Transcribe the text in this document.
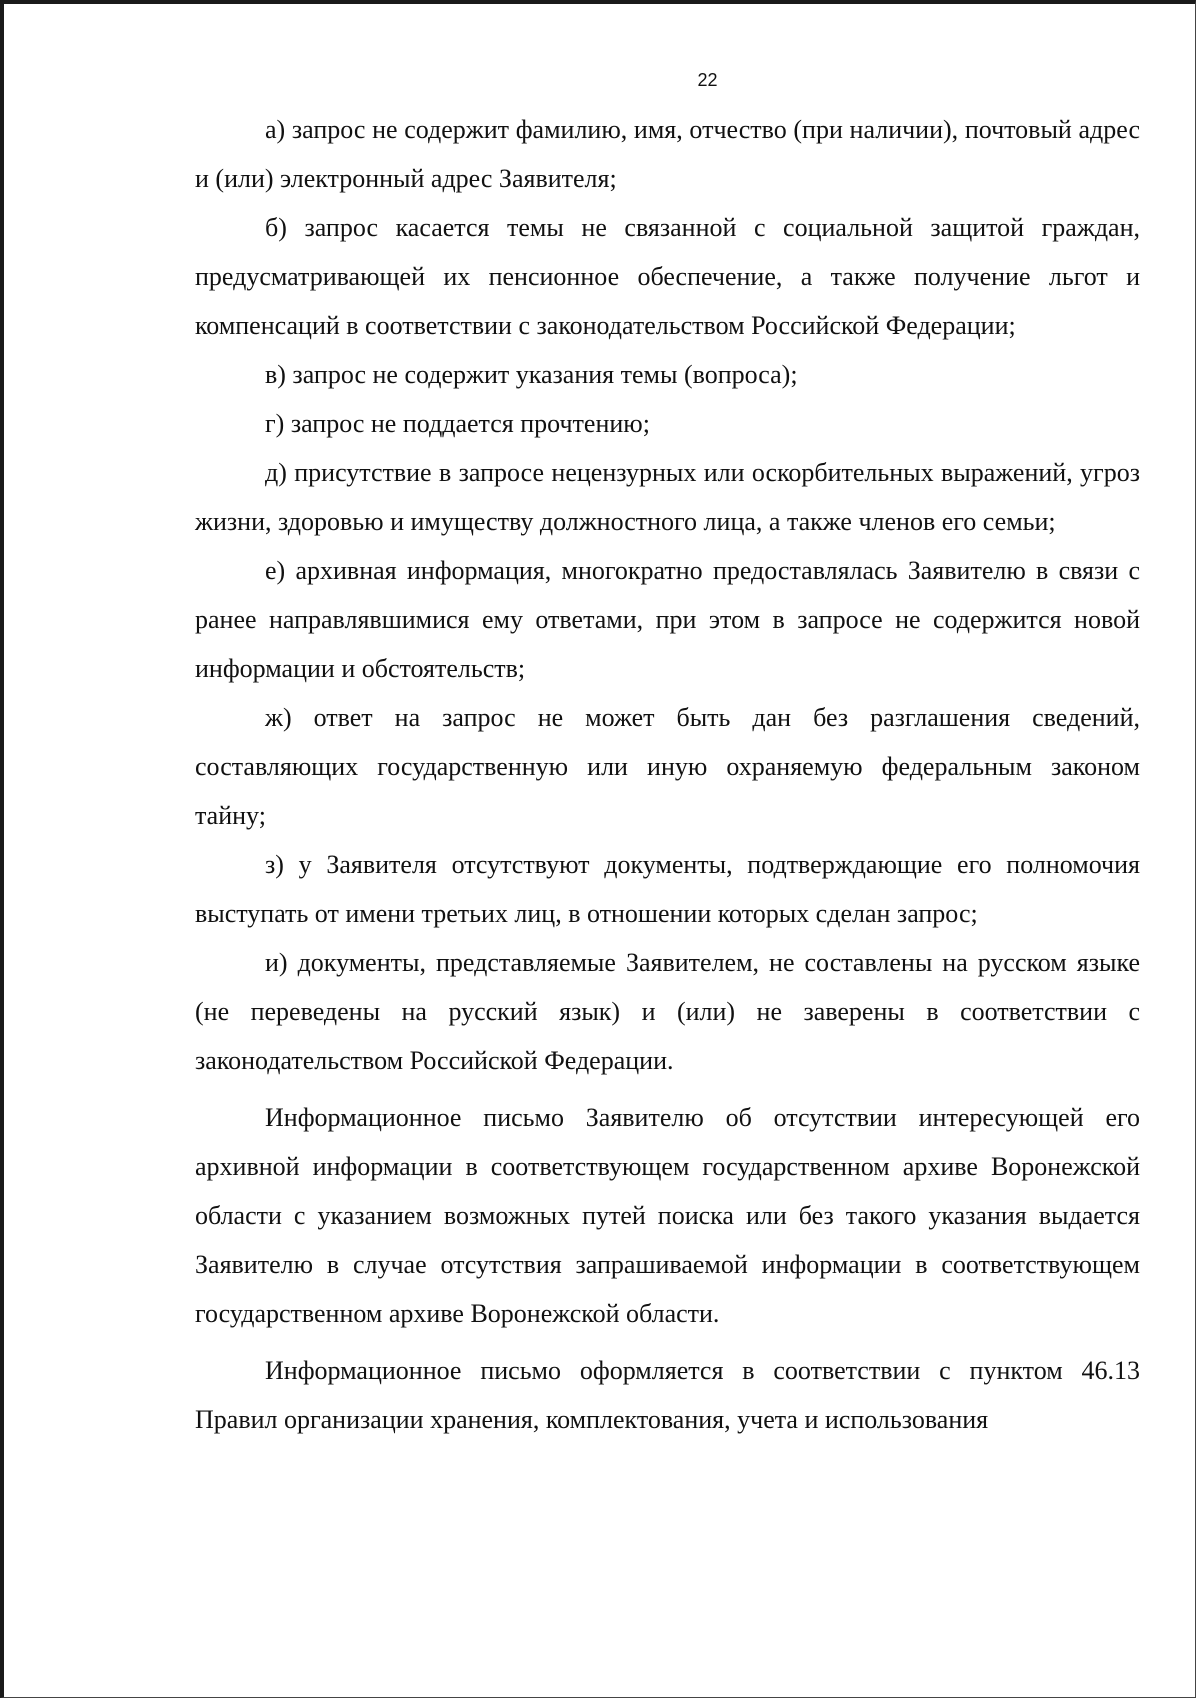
22

а) запрос не содержит фамилию, имя, отчество (при наличии), почтовый адрес и (или) электронный адрес Заявителя;

б) запрос касается темы не связанной с социальной защитой граждан, предусматривающей их пенсионное обеспечение, а также получение льгот и компенсаций в соответствии с законодательством Российской Федерации;

в) запрос не содержит указания темы (вопроса);

г) запрос не поддается прочтению;

д) присутствие в запросе нецензурных или оскорбительных выражений, угроз жизни, здоровью и имуществу должностного лица, а также членов его семьи;

е) архивная информация, многократно предоставлялась Заявителю в связи с ранее направлявшимися ему ответами, при этом в запросе не содержится новой информации и обстоятельств;

ж) ответ на запрос не может быть дан без разглашения сведений, составляющих государственную или иную охраняемую федеральным законом тайну;

з) у Заявителя отсутствуют документы, подтверждающие его полномочия выступать от имени третьих лиц, в отношении которых сделан запрос;

и) документы, представляемые Заявителем, не составлены на русском языке (не переведены на русский язык) и (или) не заверены в соответствии с законодательством Российской Федерации.

Информационное письмо Заявителю об отсутствии интересующей его архивной информации в соответствующем государственном архиве Воронежской области с указанием возможных путей поиска или без такого указания выдается Заявителю в случае отсутствия запрашиваемой информации в соответствующем государственном архиве Воронежской области.

Информационное письмо оформляется в соответствии с пунктом 46.13 Правил организации хранения, комплектования, учета и использования
